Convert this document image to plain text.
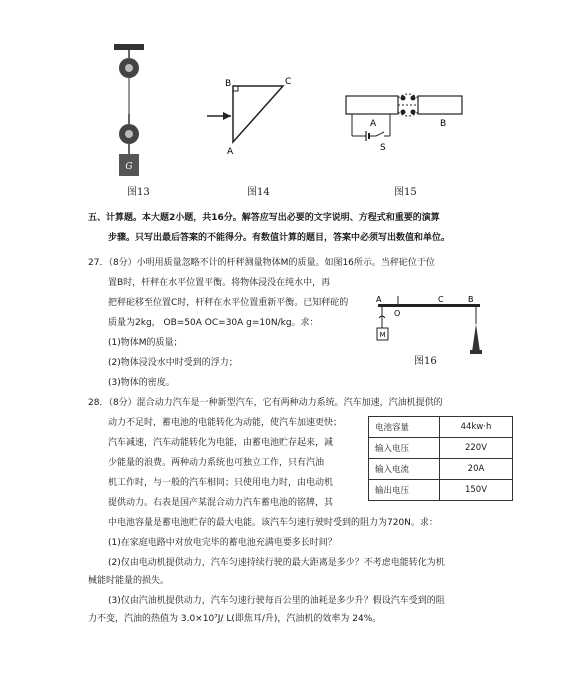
G
图13
B	C
A
图14
A	B
S
图15
五、计算题。本大题2小题，共16分。解答应写出必要的文字说明、方程式和重要的演算
步骤。只写出最后答案的不能得分。有数值计算的题目，答案中必须写出数值和单位。
27．（8分）小明用质量忽略不计的杆秤测量物体M的质量。如图16所示。当秤砣位于位
置B时，杆秤在水平位置平衡。将物体浸没在纯水中，再
把秤砣移至位置C时，杆秤在水平位置重新平衡。已知秤砣的
质量为2kg， OB=50A OC=30A g=10N/kg。求：
(1)物体M的质量；
(2)物体浸没水中时受到的浮力；
(3)物体的密度。
A	C	B
O
M
图16
28．（8分）混合动力汽车是一种新型汽车，它有两种动力系统。汽车加速，汽油机提供的
动力不足时，蓄电池的电能转化为动能，使汽车加速更快；
汽车减速，汽车动能转化为电能，由蓄电池贮存起来，减
少能量的浪费。两种动力系统也可独立工作，只有汽油
机工作时，与一般的汽车相同；只使用电力时，由电动机
提供动力。右表是国产某混合动力汽车蓄电池的铭牌，其
中电池容量是蓄电池贮存的最大电能。该汽车匀速行驶时受到的阻力为720N。求：
(1)在家庭电路中对放电完毕的蓄电池充满电要多长时间？
(2)仅由电动机提供动力，汽车匀速持续行驶的最大距离是多少？不考虑电能转化为机
械能时能量的损失。
(3)仅由汽油机提供动力，汽车匀速行驶每百公里的油耗是多少升？假设汽车受到的阻
力不变，汽油的热值为 3.0×10⁷J/ L(即焦耳/升)，汽油机的效率为 24%。
电池容量	44kw·h
输入电压	220V
输入电流	20A
输出电压	150V
